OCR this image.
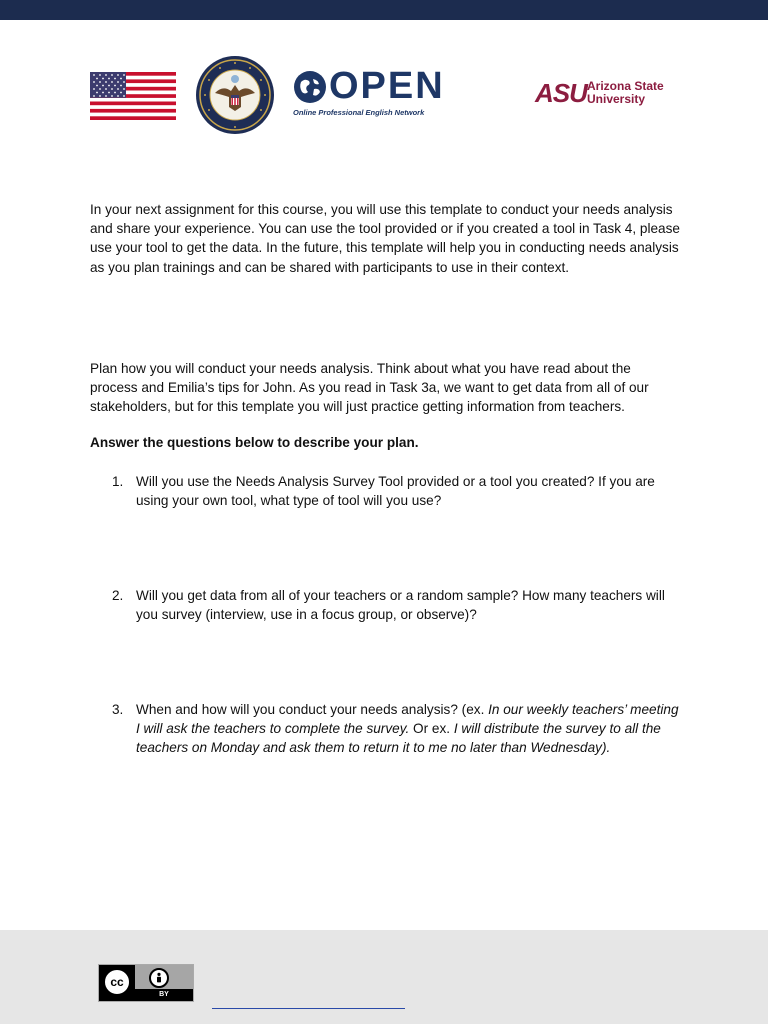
OPEN
Online Professional English Network
ASU Arizona State
University

In your next assignment for this course, you will use this template to conduct your needs analysis and share your experience. You can use the tool provided or if you created a tool in Task 4, please use your tool to get the data. In the future, this template will help you in conducting needs analysis as you plan trainings and can be shared with participants to use in their context.

Plan how you will conduct your needs analysis. Think about what you have read about the process and Emilia’s tips for John. As you read in Task 3a, we want to get data from all of our stakeholders, but for this template you will just practice getting information from teachers.

Answer the questions below to describe your plan.

1. Will you use the Needs Analysis Survey Tool provided or a tool you created? If you are using your own tool, what type of tool will you use?
2. Will you get data from all of your teachers or a random sample? How many teachers will you survey (interview, use in a focus group, or observe)?
3. When and how will you conduct your needs analysis? (ex. In our weekly teachers’ meeting I will ask the teachers to complete the survey. Or ex. I will distribute the survey to all the teachers on Monday and ask them to return it to me no later than Wednesday).
cc
BY
